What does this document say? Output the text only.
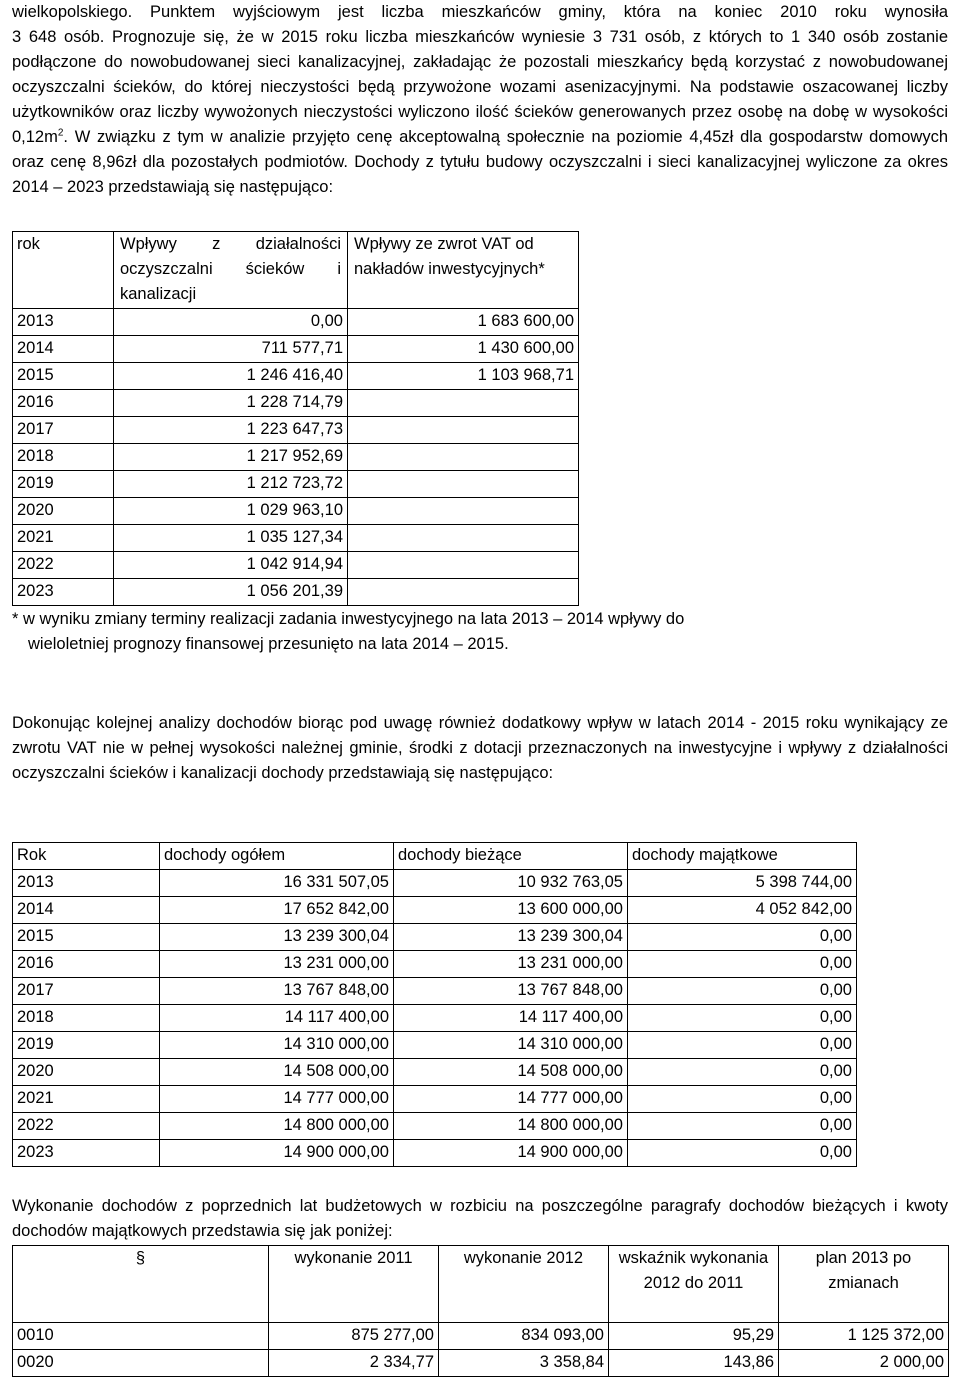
wielkopolskiego. Punktem wyjściowym jest liczba mieszkańców gminy, która na koniec 2010 roku wynosiła

3 648 osób. Prognozuje się, że w 2015 roku liczba mieszkańców wyniesie 3 731 osób, z których to 1 340 osób zostanie podłączone do nowobudowanej sieci kanalizacyjnej, zakładając że pozostali mieszkańcy będą korzystać z nowobudowanej oczyszczalni ścieków, do której nieczystości będą przywożone wozami asenizacyjnymi. Na podstawie oszacowanej liczby użytkowników oraz liczby wywożonych nieczystości wyliczono ilość ścieków generowanych przez osobę na dobę w wysokości $0,12m^2$. W związku z tym w analizie przyjęto cenę akceptowalną społecznie na poziomie 4,45zł dla gospodarstw domowych oraz cenę 8,96zł dla pozostałych podmiotów. Dochody z tytułu budowy oczyszczalni i sieci kanalizacyjnej wyliczone za okres 2014 – 2023 przedstawiają się następująco:

rok	Wpływy z działalności oczyszczalni ścieków i kanalizacji	Wpływy ze zwrot VAT od nakładów inwestycyjnych*
2013	0,00	1 683 600,00
2014	711 577,71	1 430 600,00
2015	1 246 416,40	1 103 968,71
2016	1 228 714,79	
2017	1 223 647,73	
2018	1 217 952,69	
2019	1 212 723,72	
2020	1 029 963,10	
2021	1 035 127,34	
2022	1 042 914,94	
2023	1 056 201,39	

* w wyniku zmiany terminy realizacji zadania inwestycyjnego na lata 2013 – 2014 wpływy do

wieloletniej prognozy finansowej przesunięto na lata 2014 – 2015.

Dokonując kolejnej analizy dochodów biorąc pod uwagę również dodatkowy wpływ w latach 2014 - 2015 roku wynikający ze zwrotu VAT nie w pełnej wysokości należnej gminie, środki z dotacji przeznaczonych na inwestycyjne i wpływy z działalności oczyszczalni ścieków i kanalizacji dochody przedstawiają się następująco:

Rok	dochody ogółem	dochody bieżące	dochody majątkowe
2013	16 331 507,05	10 932 763,05	5 398 744,00
2014	17 652 842,00	13 600 000,00	4 052 842,00
2015	13 239 300,04	13 239 300,04	0,00
2016	13 231 000,00	13 231 000,00	0,00
2017	13 767 848,00	13 767 848,00	0,00
2018	14 117 400,00	14 117 400,00	0,00
2019	14 310 000,00	14 310 000,00	0,00
2020	14 508 000,00	14 508 000,00	0,00
2021	14 777 000,00	14 777 000,00	0,00
2022	14 800 000,00	14 800 000,00	0,00
2023	14 900 000,00	14 900 000,00	0,00

Wykonanie dochodów z poprzednich lat budżetowych w rozbiciu na poszczególne paragrafy dochodów bieżących i kwoty dochodów majątkowych przedstawia się jak poniżej:

§	wykonanie 2011	wykonanie 2012	wskaźnik wykonania 2012 do 2011	plan 2013 po zmianach
0010	875 277,00	834 093,00	95,29	1 125 372,00
0020	2 334,77	3 358,84	143,86	2 000,00
